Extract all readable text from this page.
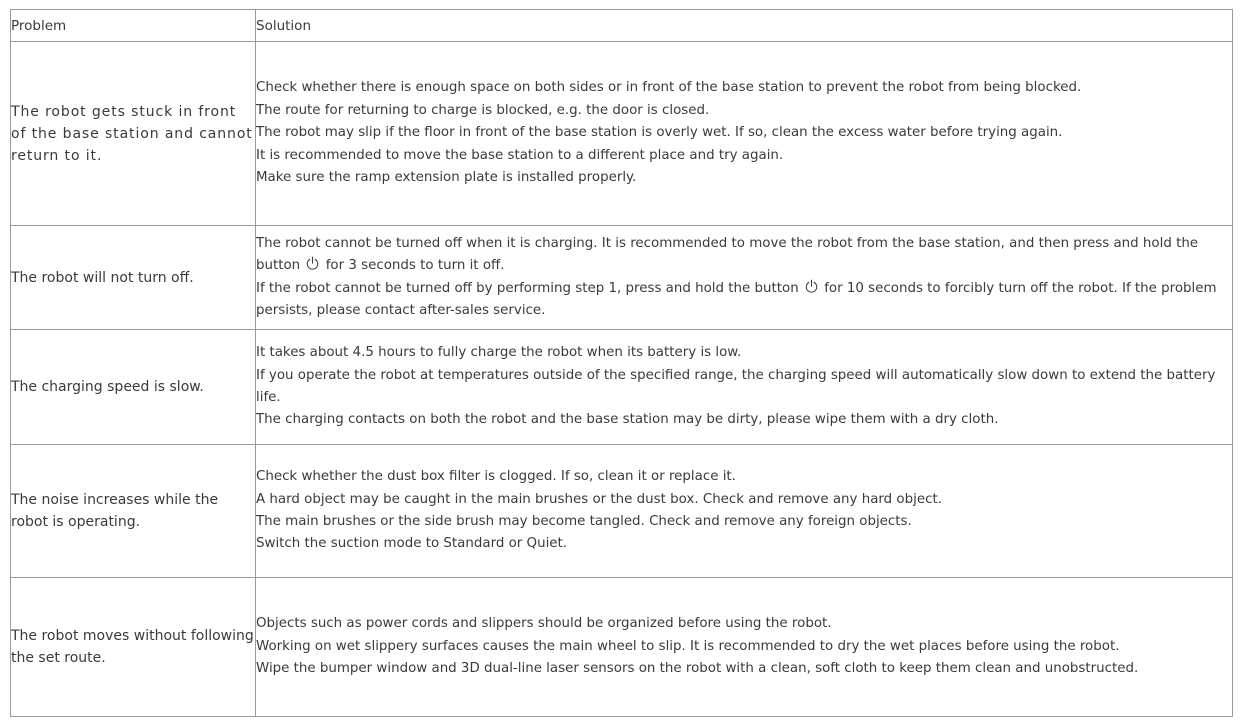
Problem	Solution
The robot gets stuck in front of the base station and cannot return to it.	Check whether there is enough space on both sides or in front of the base station to prevent the robot from being blocked.
The route for returning to charge is blocked, e.g. the door is closed.
The robot may slip if the floor in front of the base station is overly wet. If so, clean the excess water before trying again.
It is recommended to move the base station to a different place and try again.
Make sure the ramp extension plate is installed properly.

The robot will not turn off.	The robot cannot be turned off when it is charging. It is recommended to move the robot from the base station, and then press and hold the button for 3 seconds to turn it off.
If the robot cannot be turned off by performing step 1, press and hold the button for 10 seconds to forcibly turn off the robot. If the problem persists, please contact after-sales service.

The charging speed is slow.	It takes about 4.5 hours to fully charge the robot when its battery is low.
If you operate the robot at temperatures outside of the specified range, the charging speed will automatically slow down to extend the battery life.
The charging contacts on both the robot and the base station may be dirty, please wipe them with a dry cloth.

The noise increases while the robot is operating.	Check whether the dust box filter is clogged. If so, clean it or replace it.
A hard object may be caught in the main brushes or the dust box. Check and remove any hard object.
The main brushes or the side brush may become tangled. Check and remove any foreign objects.
Switch the suction mode to Standard or Quiet.

The robot moves without following the set route.	Objects such as power cords and slippers should be organized before using the robot.
Working on wet slippery surfaces causes the main wheel to slip. It is recommended to dry the wet places before using the robot.
Wipe the bumper window and 3D dual-line laser sensors on the robot with a clean, soft cloth to keep them clean and unobstructed.
